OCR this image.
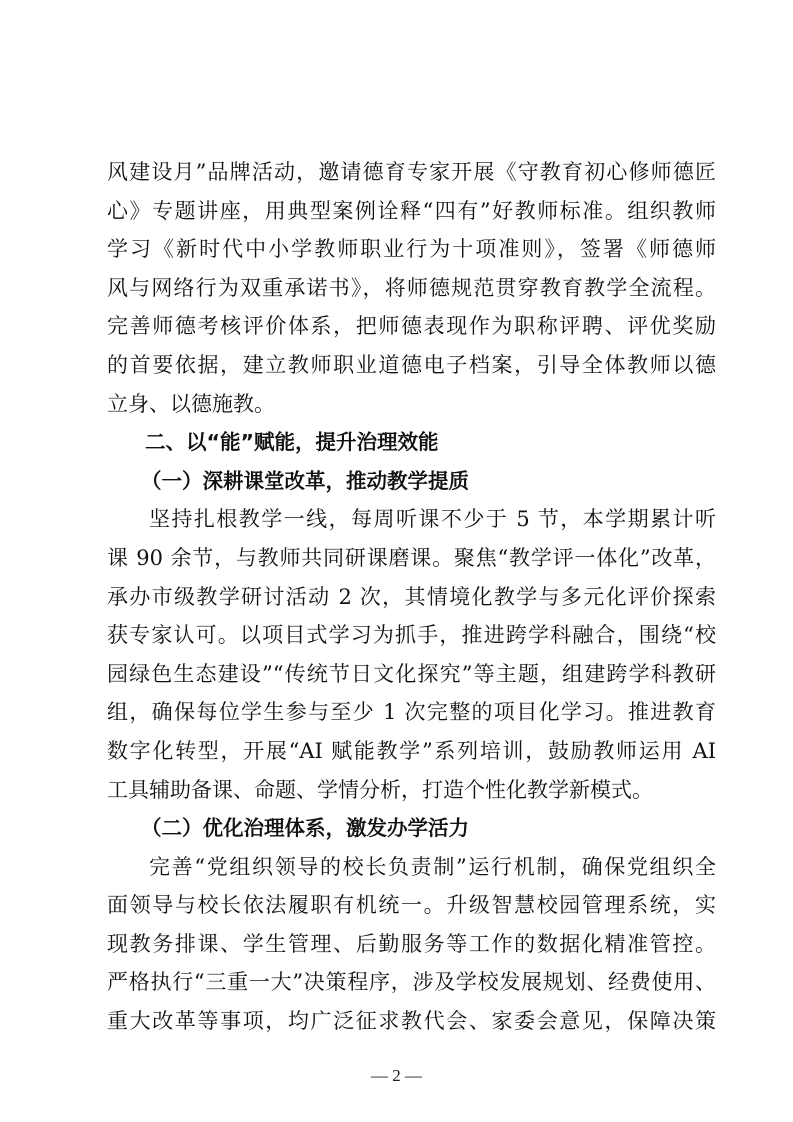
风建设月”品牌活动，邀请德育专家开展《守教育初心修师德匠
心》专题讲座，用典型案例诠释“四有”好教师标准。组织教师
学习《新时代中小学教师职业行为十项准则》，签署《师德师
风与网络行为双重承诺书》，将师德规范贯穿教育教学全流程。
完善师德考核评价体系，把师德表现作为职称评聘、评优奖励
的首要依据，建立教师职业道德电子档案，引导全体教师以德
立身、以德施教。
二、以“能”赋能，提升治理效能
（一）深耕课堂改革，推动教学提质
坚持扎根教学一线，每周听课不少于 5 节，本学期累计听
课 90 余节，与教师共同研课磨课。聚焦“教学评一体化”改革，
承办市级教学研讨活动 2 次，其情境化教学与多元化评价探索
获专家认可。以项目式学习为抓手，推进跨学科融合，围绕“校
园绿色生态建设”“传统节日文化探究”等主题，组建跨学科教研
组，确保每位学生参与至少 1 次完整的项目化学习。推进教育
数字化转型，开展“AI 赋能教学”系列培训，鼓励教师运用 AI
工具辅助备课、命题、学情分析，打造个性化教学新模式。
（二）优化治理体系，激发办学活力
完善“党组织领导的校长负责制”运行机制，确保党组织全
面领导与校长依法履职有机统一。升级智慧校园管理系统，实
现教务排课、学生管理、后勤服务等工作的数据化精准管控。
严格执行“三重一大”决策程序，涉及学校发展规划、经费使用、
重大改革等事项，均广泛征求教代会、家委会意见，保障决策
— 2 —
